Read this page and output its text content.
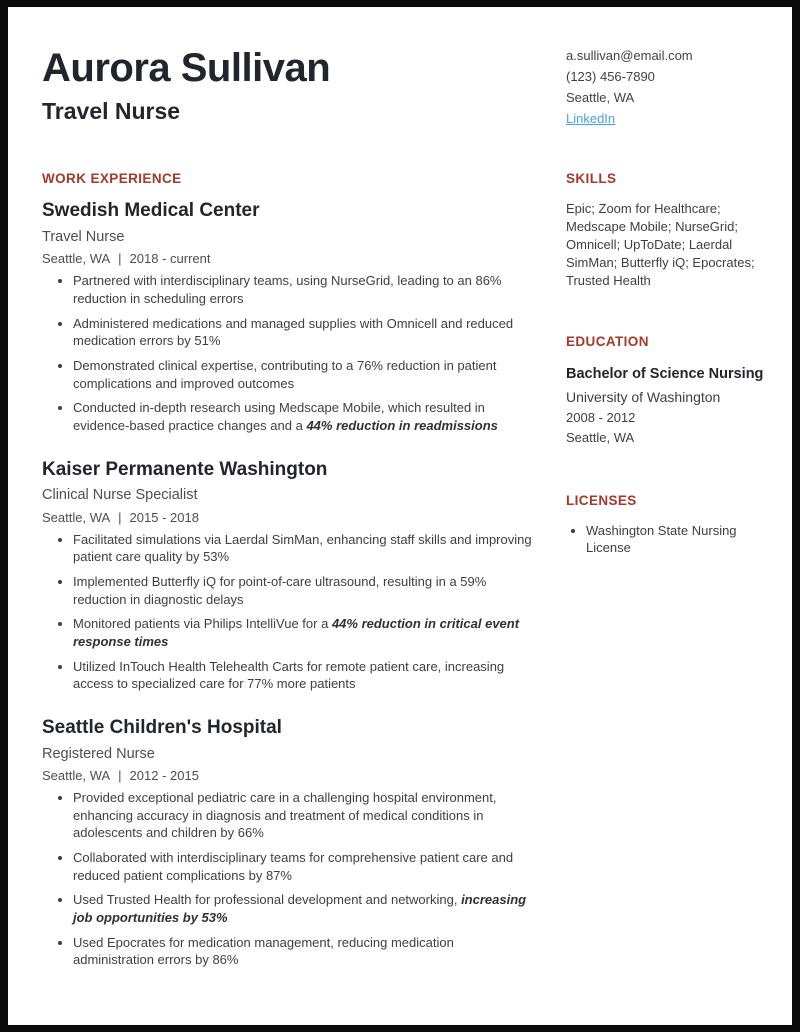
Aurora Sullivan
Travel Nurse
a.sullivan@email.com
(123) 456-7890
Seattle, WA
LinkedIn
WORK EXPERIENCE
Swedish Medical Center
Travel Nurse
Seattle, WA | 2018 - current
• Partnered with interdisciplinary teams, using NurseGrid, leading to an 86% reduction in scheduling errors
• Administered medications and managed supplies with Omnicell and reduced medication errors by 51%
• Demonstrated clinical expertise, contributing to a 76% reduction in patient complications and improved outcomes
• Conducted in-depth research using Medscape Mobile, which resulted in evidence-based practice changes and a 44% reduction in readmissions
Kaiser Permanente Washington
Clinical Nurse Specialist
Seattle, WA | 2015 - 2018
• Facilitated simulations via Laerdal SimMan, enhancing staff skills and improving patient care quality by 53%
• Implemented Butterfly iQ for point-of-care ultrasound, resulting in a 59% reduction in diagnostic delays
• Monitored patients via Philips IntelliVue for a 44% reduction in critical event response times
• Utilized InTouch Health Telehealth Carts for remote patient care, increasing access to specialized care for 77% more patients
Seattle Children's Hospital
Registered Nurse
Seattle, WA | 2012 - 2015
• Provided exceptional pediatric care in a challenging hospital environment, enhancing accuracy in diagnosis and treatment of medical conditions in adolescents and children by 66%
• Collaborated with interdisciplinary teams for comprehensive patient care and reduced patient complications by 87%
• Used Trusted Health for professional development and networking, increasing job opportunities by 53%
• Used Epocrates for medication management, reducing medication administration errors by 86%
SKILLS
Epic; Zoom for Healthcare; Medscape Mobile; NurseGrid; Omnicell; UpToDate; Laerdal SimMan; Butterfly iQ; Epocrates; Trusted Health
EDUCATION
Bachelor of Science Nursing
University of Washington
2008 - 2012
Seattle, WA
LICENSES
• Washington State Nursing License
